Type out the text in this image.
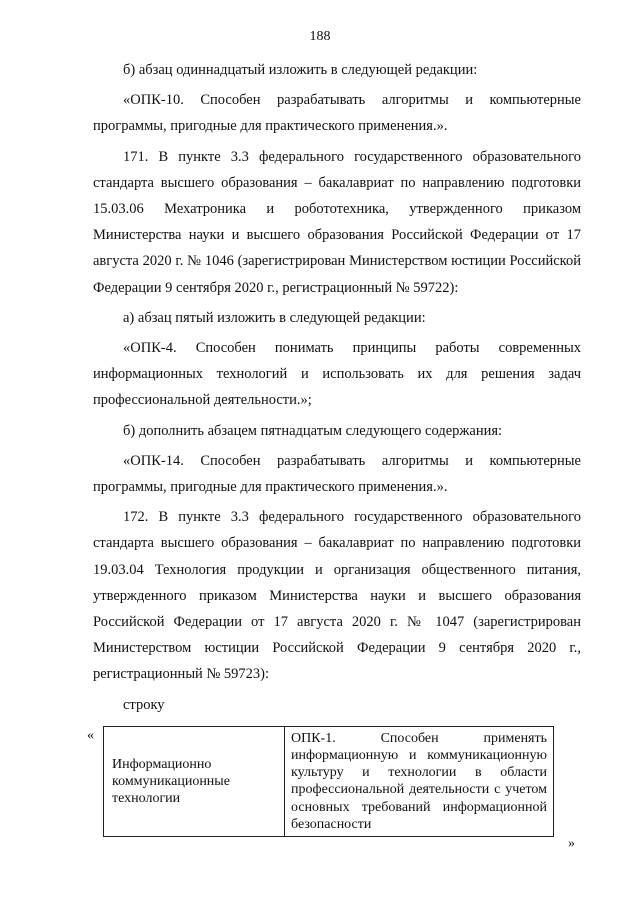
188

б) абзац одиннадцатый изложить в следующей редакции:

«ОПК-10. Способен разрабатывать алгоритмы и компьютерные программы, пригодные для практического применения.».

171. В пункте 3.3 федерального государственного образовательного стандарта высшего образования – бакалавриат по направлению подготовки 15.03.06 Мехатроника и робототехника, утвержденного приказом Министерства науки и высшего образования Российской Федерации от 17 августа 2020 г. № 1046 (зарегистрирован Министерством юстиции Российской Федерации 9 сентября 2020 г., регистрационный № 59722):

а) абзац пятый изложить в следующей редакции:

«ОПК-4. Способен понимать принципы работы современных информационных технологий и использовать их для решения задач профессиональной деятельности.»;

б) дополнить абзацем пятнадцатым следующего содержания:

«ОПК-14. Способен разрабатывать алгоритмы и компьютерные программы, пригодные для практического применения.».

172. В пункте 3.3 федерального государственного образовательного стандарта высшего образования – бакалавриат по направлению подготовки 19.03.04 Технология продукции и организация общественного питания, утвержденного приказом Министерства науки и высшего образования Российской Федерации от 17 августа 2020 г. № 1047 (зарегистрирован Министерством юстиции Российской Федерации 9 сентября 2020 г., регистрационный № 59723):

строку

«
Информационно коммуникационные технологии	ОПК-1. Способен применять информационную и коммуникационную культуру и технологии в области профессиональной деятельности с учетом основных требований информационной безопасности
»
